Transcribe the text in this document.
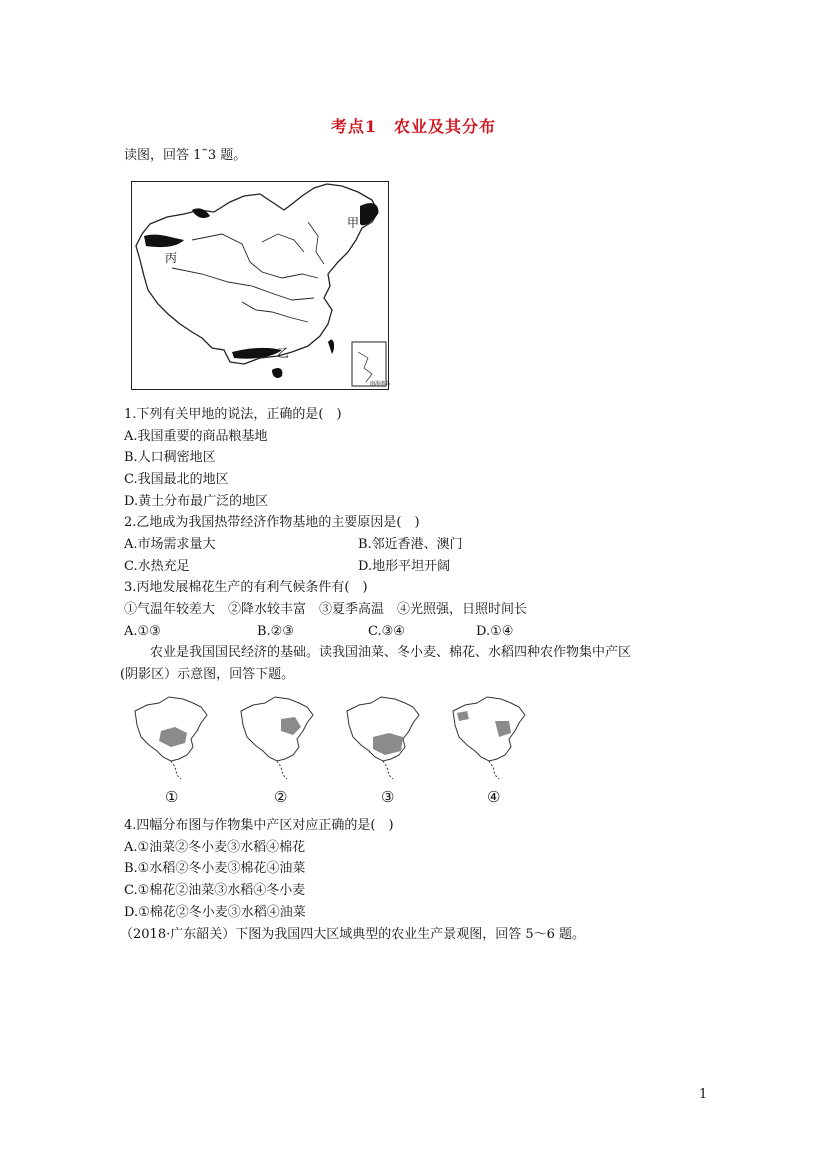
考点1　农业及其分布
读图，回答 1˜3 题。
南海诸岛
甲
乙
丙
1.下列有关甲地的说法，正确的是(　)
A.我国重要的商品粮基地
B.人口稠密地区
C.我国最北的地区
D.黄土分布最广泛的地区
2.乙地成为我国热带经济作物基地的主要原因是(　)
A.市场需求量大	B.邻近香港、澳门
C.水热充足	D.地形平坦开阔
3.丙地发展棉花生产的有利气候条件有(　)
①气温年较差大　②降水较丰富　③夏季高温　④光照强，日照时间长
A.①③	B.②③	C.③④	D.①④
农业是我国国民经济的基础。读我国油菜、冬小麦、棉花、水稻四种农作物集中产区
(阴影区）示意图，回答下题。
①	②	③	④
4.四幅分布图与作物集中产区对应正确的是(　)
A.①油菜②冬小麦③水稻④棉花
B.①水稻②冬小麦③棉花④油菜
C.①棉花②油菜③水稻④冬小麦
D.①棉花②冬小麦③水稻④油菜
（2018·广东韶关）下图为我国四大区域典型的农业生产景观图，回答 5～6 题。
1
